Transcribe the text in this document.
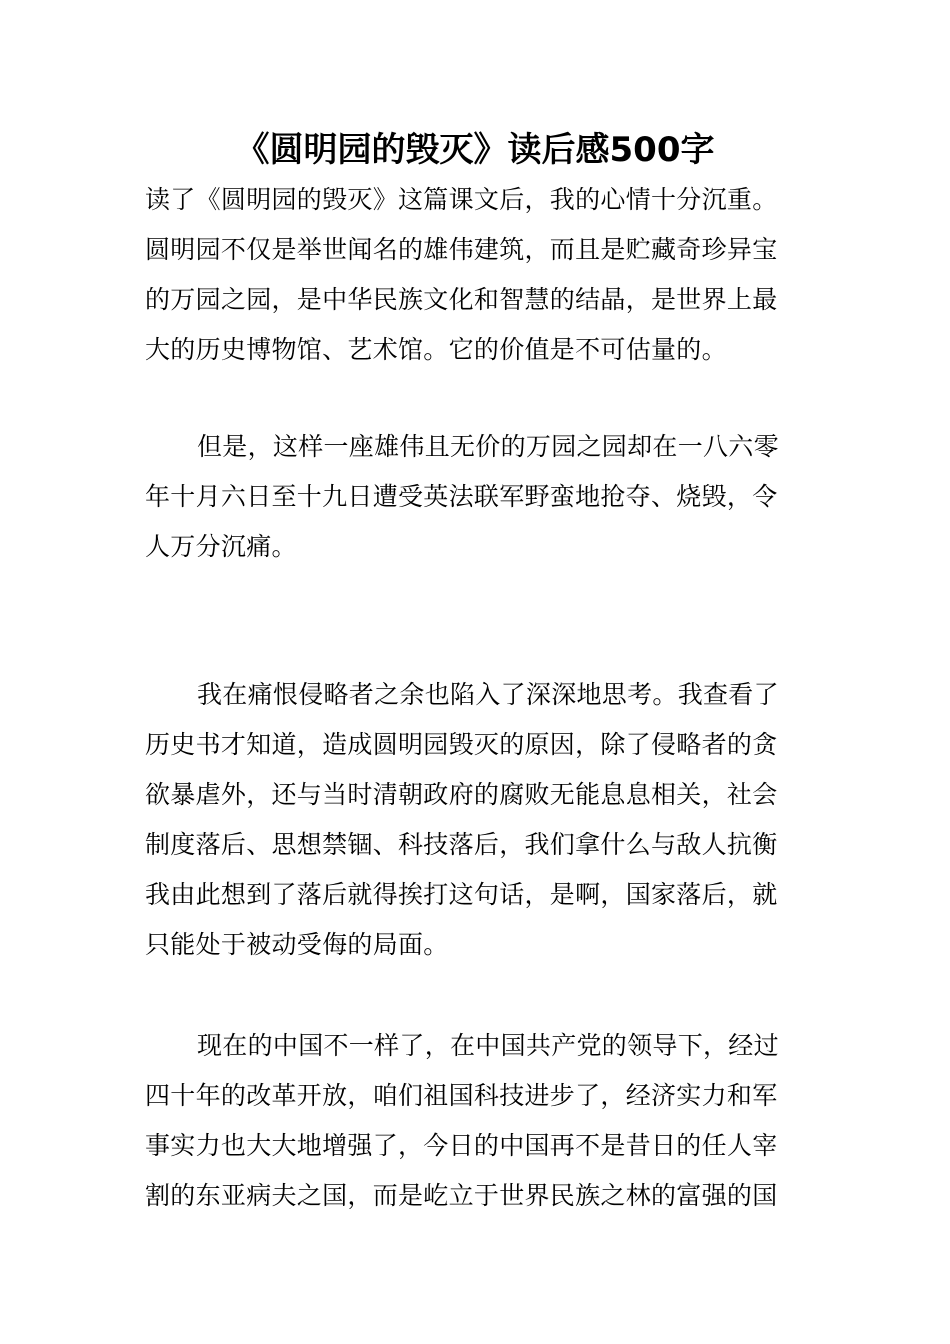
《圆明园的毁灭》读后感500字
读了《圆明园的毁灭》这篇课文后，我的心情十分沉重。
圆明园不仅是举世闻名的雄伟建筑，而且是贮藏奇珍异宝
的万园之园，是中华民族文化和智慧的结晶，是世界上最
大的历史博物馆、艺术馆。它的价值是不可估量的。
但是，这样一座雄伟且无价的万园之园却在一八六零
年十月六日至十九日遭受英法联军野蛮地抢夺、烧毁，令
人万分沉痛。
我在痛恨侵略者之余也陷入了深深地思考。我查看了
历史书才知道，造成圆明园毁灭的原因，除了侵略者的贪
欲暴虐外，还与当时清朝政府的腐败无能息息相关，社会
制度落后、思想禁锢、科技落后，我们拿什么与敌人抗衡
我由此想到了落后就得挨打这句话，是啊，国家落后，就
只能处于被动受侮的局面。
现在的中国不一样了，在中国共产党的领导下，经过
四十年的改革开放，咱们祖国科技进步了，经济实力和军
事实力也大大地增强了，今日的中国再不是昔日的任人宰
割的东亚病夫之国，而是屹立于世界民族之林的富强的国
